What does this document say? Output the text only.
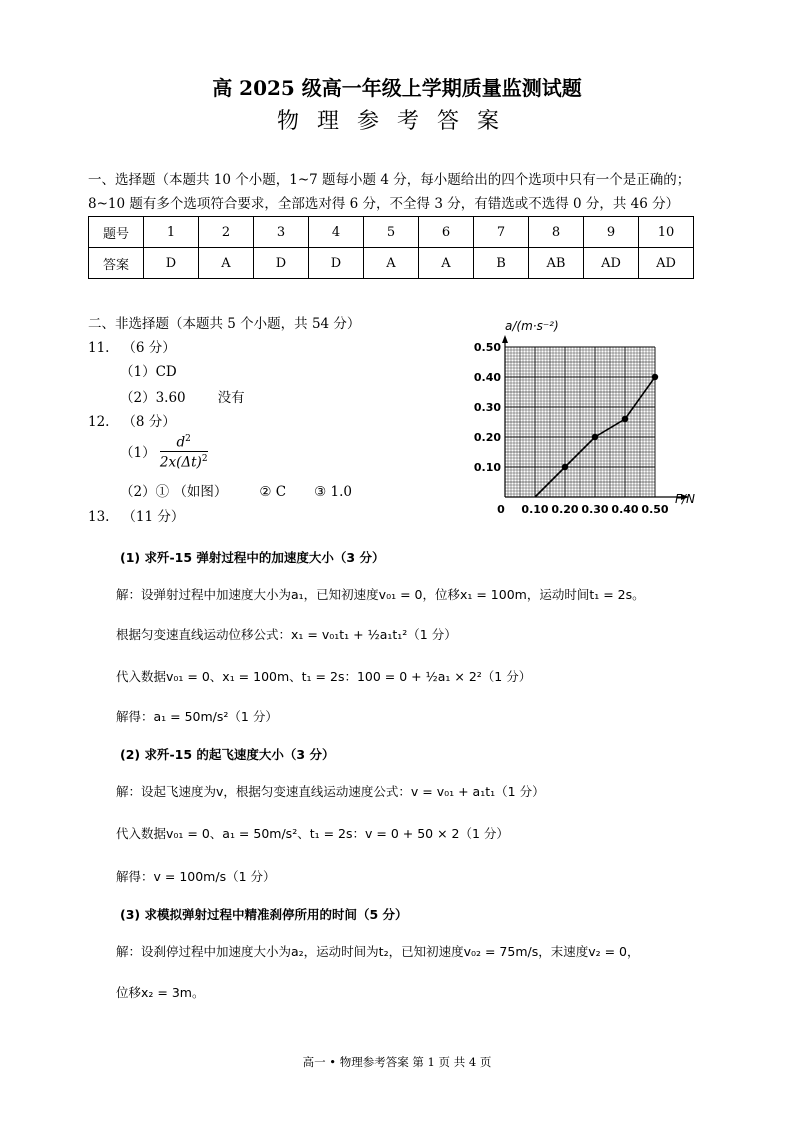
高 2025 级高一年级上学期质量监测试题
物理参考答案
一、选择题（本题共 10 个小题，1~7 题每小题 4 分，每小题给出的四个选项中只有一个是正确的；
8~10 题有多个选项符合要求，全部选对得 6 分，不全得 3 分，有错选或不选得 0 分，共 46 分）
题号	1	2	3	4	5	6	7	8	9	10
答案	D	A	D	D	A	A	B	AB	AD	AD
二、非选择题（本题共 5 个小题，共 54 分）
11. （6 分）
（1）CD
（2）3.60 没有
12. （8 分）
$(1) \frac{d^2}{2x(\Delta t)^2}$
（2）① （如图） ② C ③ 1.0
13. （11 分）	0 0.10 0.20 0.30 0.40 0.50
0.10
0.20
0.30
0.40
0.50
a/(m·s⁻²)
F/N
(1) 求歼-15 弹射过程中的加速度大小（3 分）
解：设弹射过程中加速度大小为a₁，已知初速度v₀₁ = 0，位移x₁ = 100m，运动时间t₁ = 2s。
根据匀变速直线运动位移公式：x₁ = v₀₁t₁ + ½a₁t₁²（1 分）
代入数据v₀₁ = 0、x₁ = 100m、t₁ = 2s：100 = 0 + ½a₁ × 2²（1 分）
解得：a₁ = 50m/s²（1 分）
(2) 求歼-15 的起飞速度大小（3 分）
解：设起飞速度为v，根据匀变速直线运动速度公式：v = v₀₁ + a₁t₁（1 分）
代入数据v₀₁ = 0、a₁ = 50m/s²、t₁ = 2s：v = 0 + 50 × 2（1 分）
解得：v = 100m/s（1 分）
(3) 求模拟弹射过程中精准刹停所用的时间（5 分）
解：设刹停过程中加速度大小为a₂，运动时间为t₂，已知初速度v₀₂ = 75m/s，末速度v₂ = 0，
位移x₂ = 3m。
高一 • 物理参考答案 第 1 页 共 4 页
